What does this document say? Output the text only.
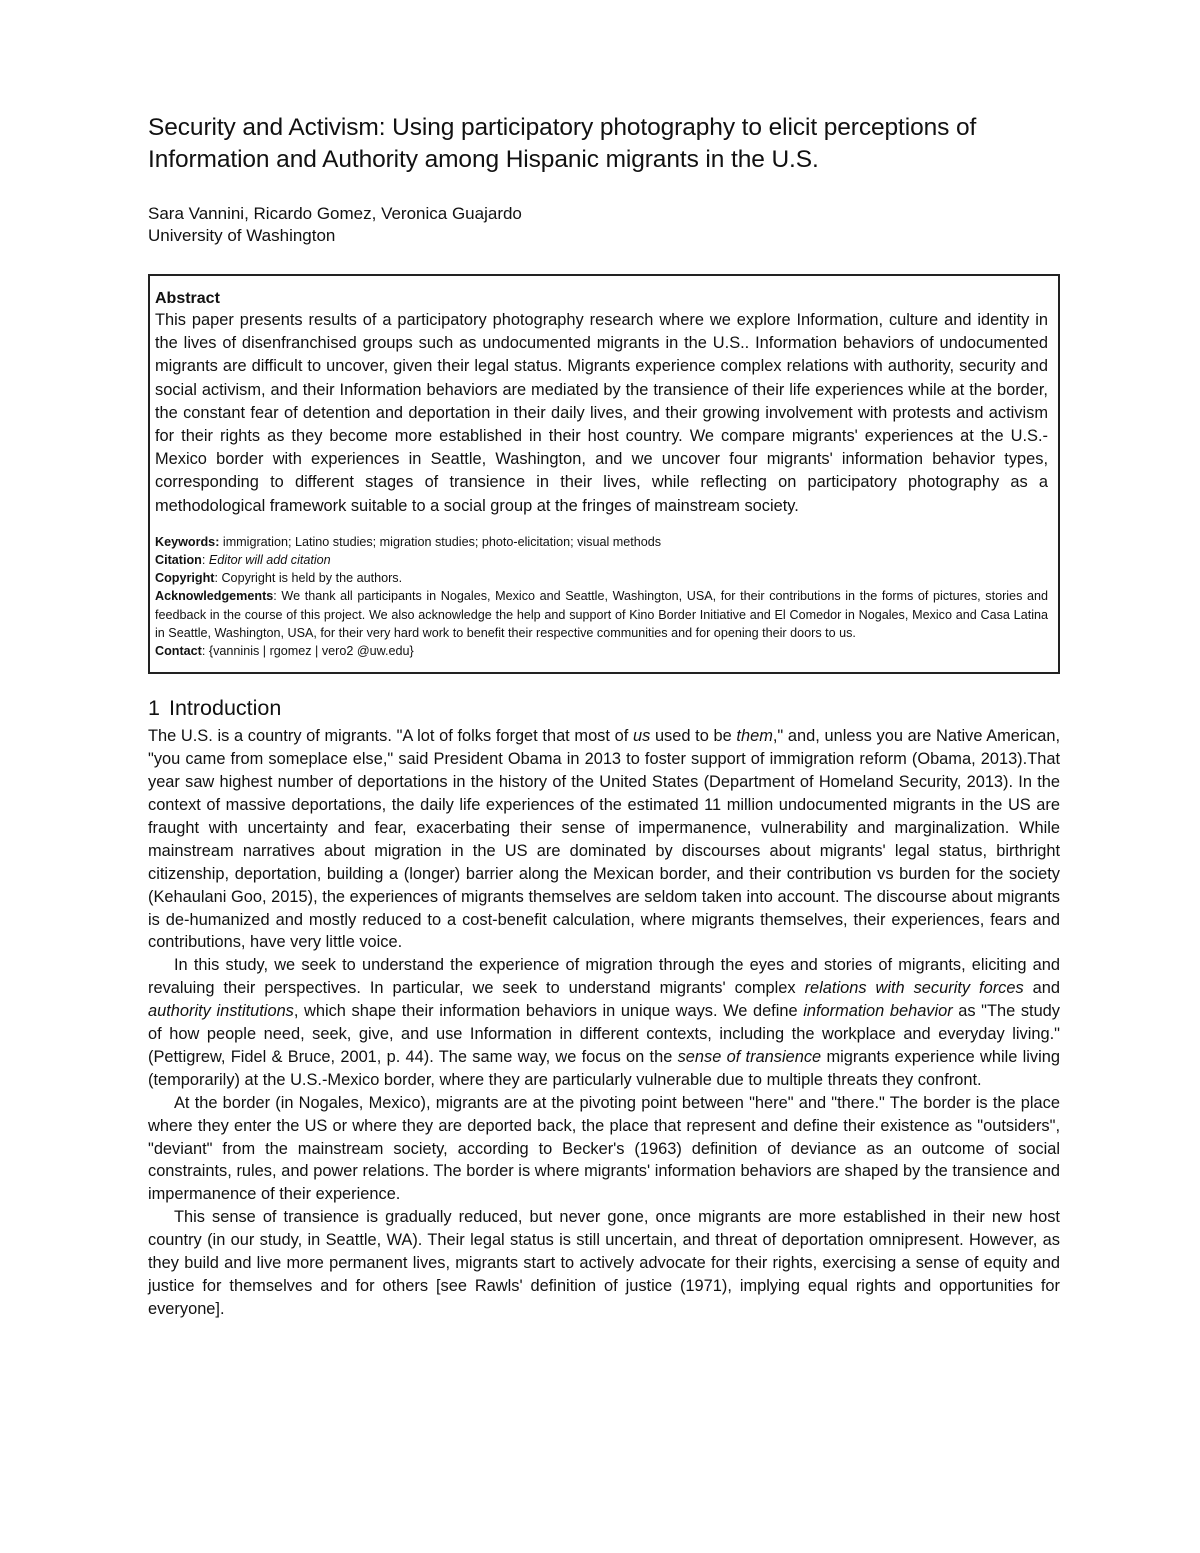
Security and Activism: Using participatory photography to elicit perceptions of Information and Authority among Hispanic migrants in the U.S.
Sara Vannini, Ricardo Gomez, Veronica Guajardo
University of Washington
Abstract

This paper presents results of a participatory photography research where we explore Information, culture and identity in the lives of disenfranchised groups such as undocumented migrants in the U.S.. Information behaviors of undocumented migrants are difficult to uncover, given their legal status. Migrants experience complex relations with authority, security and social activism, and their Information behaviors are mediated by the transience of their life experiences while at the border, the constant fear of detention and deportation in their daily lives, and their growing involvement with protests and activism for their rights as they become more established in their host country. We compare migrants' experiences at the U.S.-Mexico border with experiences in Seattle, Washington, and we uncover four migrants' information behavior types, corresponding to different stages of transience in their lives, while reflecting on participatory photography as a methodological framework suitable to a social group at the fringes of mainstream society.

Keywords: immigration; Latino studies; migration studies; photo-elicitation; visual methods
Citation: Editor will add citation
Copyright: Copyright is held by the authors.
Acknowledgements: We thank all participants in Nogales, Mexico and Seattle, Washington, USA, for their contributions in the forms of pictures, stories and feedback in the course of this project. We also acknowledge the help and support of Kino Border Initiative and El Comedor in Nogales, Mexico and Casa Latina in Seattle, Washington, USA, for their very hard work to benefit their respective communities and for opening their doors to us.
Contact: {vanninis | rgomez | vero2 @uw.edu}
1 Introduction

The U.S. is a country of migrants. "A lot of folks forget that most of us used to be them," and, unless you are Native American, "you came from someplace else," said President Obama in 2013 to foster support of immigration reform (Obama, 2013).That year saw highest number of deportations in the history of the United States (Department of Homeland Security, 2013). In the context of massive deportations, the daily life experiences of the estimated 11 million undocumented migrants in the US are fraught with uncertainty and fear, exacerbating their sense of impermanence, vulnerability and marginalization. While mainstream narratives about migration in the US are dominated by discourses about migrants' legal status, birthright citizenship, deportation, building a (longer) barrier along the Mexican border, and their contribution vs burden for the society (Kehaulani Goo, 2015), the experiences of migrants themselves are seldom taken into account. The discourse about migrants is de-humanized and mostly reduced to a cost-benefit calculation, where migrants themselves, their experiences, fears and contributions, have very little voice.

In this study, we seek to understand the experience of migration through the eyes and stories of migrants, eliciting and revaluing their perspectives. In particular, we seek to understand migrants' complex relations with security forces and authority institutions, which shape their information behaviors in unique ways. We define information behavior as "The study of how people need, seek, give, and use Information in different contexts, including the workplace and everyday living." (Pettigrew, Fidel & Bruce, 2001, p. 44). The same way, we focus on the sense of transience migrants experience while living (temporarily) at the U.S.-Mexico border, where they are particularly vulnerable due to multiple threats they confront.

At the border (in Nogales, Mexico), migrants are at the pivoting point between "here" and "there." The border is the place where they enter the US or where they are deported back, the place that represent and define their existence as "outsiders", "deviant" from the mainstream society, according to Becker's (1963) definition of deviance as an outcome of social constraints, rules, and power relations. The border is where migrants' information behaviors are shaped by the transience and impermanence of their experience.

This sense of transience is gradually reduced, but never gone, once migrants are more established in their new host country (in our study, in Seattle, WA). Their legal status is still uncertain, and threat of deportation omnipresent. However, as they build and live more permanent lives, migrants start to actively advocate for their rights, exercising a sense of equity and justice for themselves and for others [see Rawls' definition of justice (1971), implying equal rights and opportunities for everyone].
